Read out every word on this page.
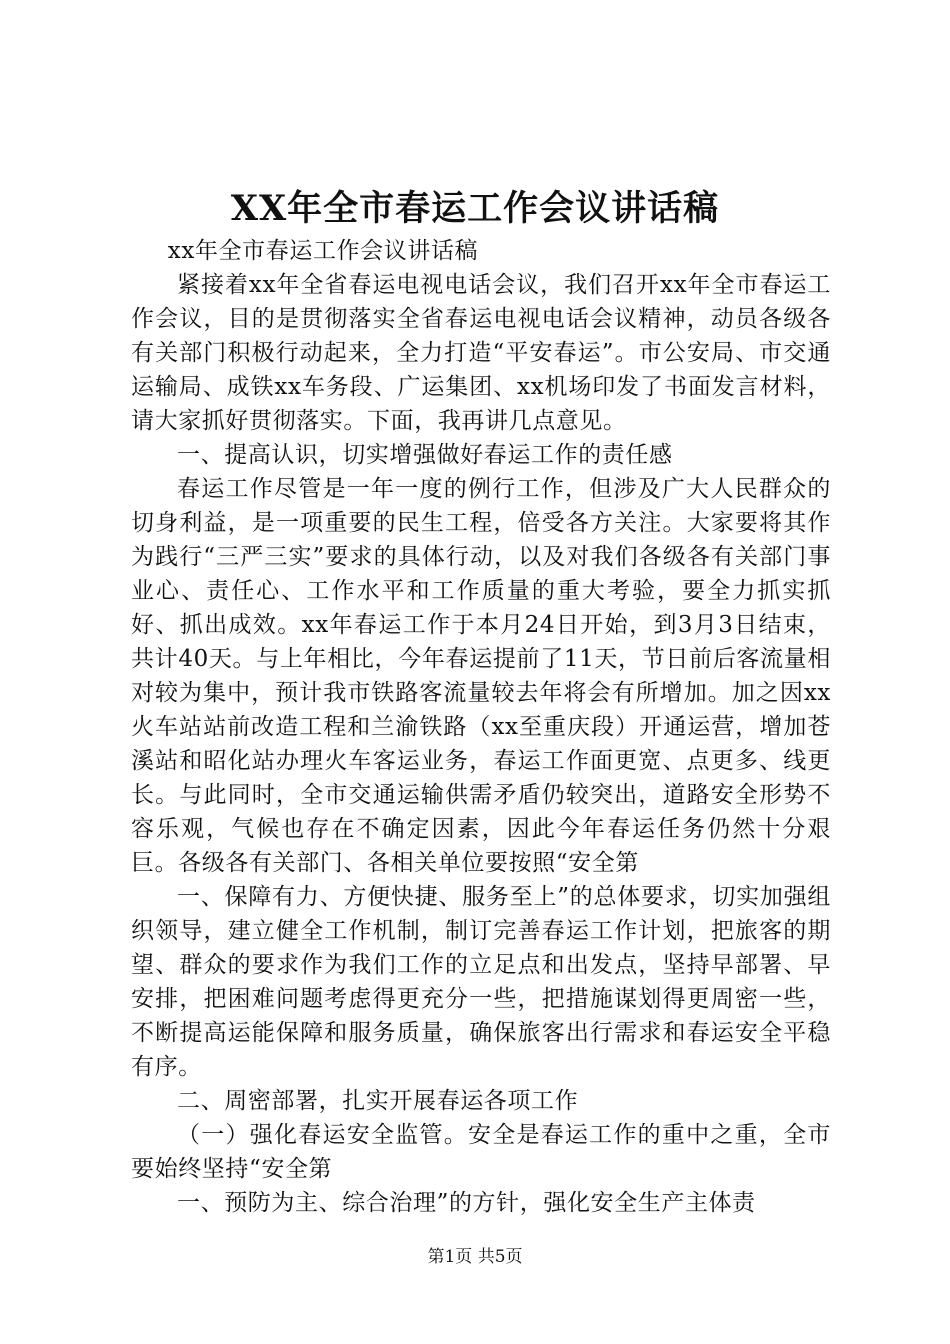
XX年全市春运工作会议讲话稿

xx年全市春运工作会议讲话稿

紧接着xx年全省春运电视电话会议，我们召开xx年全市春运工作会议，目的是贯彻落实全省春运电视电话会议精神，动员各级各有关部门积极行动起来，全力打造“平安春运”。市公安局、市交通运输局、成铁xx车务段、广运集团、xx机场印发了书面发言材料，请大家抓好贯彻落实。下面，我再讲几点意见。

一、提高认识，切实增强做好春运工作的责任感

春运工作尽管是一年一度的例行工作，但涉及广大人民群众的切身利益，是一项重要的民生工程，倍受各方关注。大家要将其作为践行“三严三实”要求的具体行动，以及对我们各级各有关部门事业心、责任心、工作水平和工作质量的重大考验，要全力抓实抓好、抓出成效。xx年春运工作于本月24日开始，到3月3日结束，共计40天。与上年相比，今年春运提前了11天，节日前后客流量相对较为集中，预计我市铁路客流量较去年将会有所增加。加之因xx火车站站前改造工程和兰渝铁路（xx至重庆段）开通运营，增加苍溪站和昭化站办理火车客运业务，春运工作面更宽、点更多、线更长。与此同时，全市交通运输供需矛盾仍较突出，道路安全形势不容乐观，气候也存在不确定因素，因此今年春运任务仍然十分艰巨。各级各有关部门、各相关单位要按照“安全第

一、保障有力、方便快捷、服务至上”的总体要求，切实加强组织领导，建立健全工作机制，制订完善春运工作计划，把旅客的期望、群众的要求作为我们工作的立足点和出发点，坚持早部署、早安排，把困难问题考虑得更充分一些，把措施谋划得更周密一些，不断提高运能保障和服务质量，确保旅客出行需求和春运安全平稳有序。

二、周密部署，扎实开展春运各项工作

（一）强化春运安全监管。安全是春运工作的重中之重，全市要始终坚持“安全第

一、预防为主、综合治理”的方针，强化安全生产主体责

第1页 共5页
